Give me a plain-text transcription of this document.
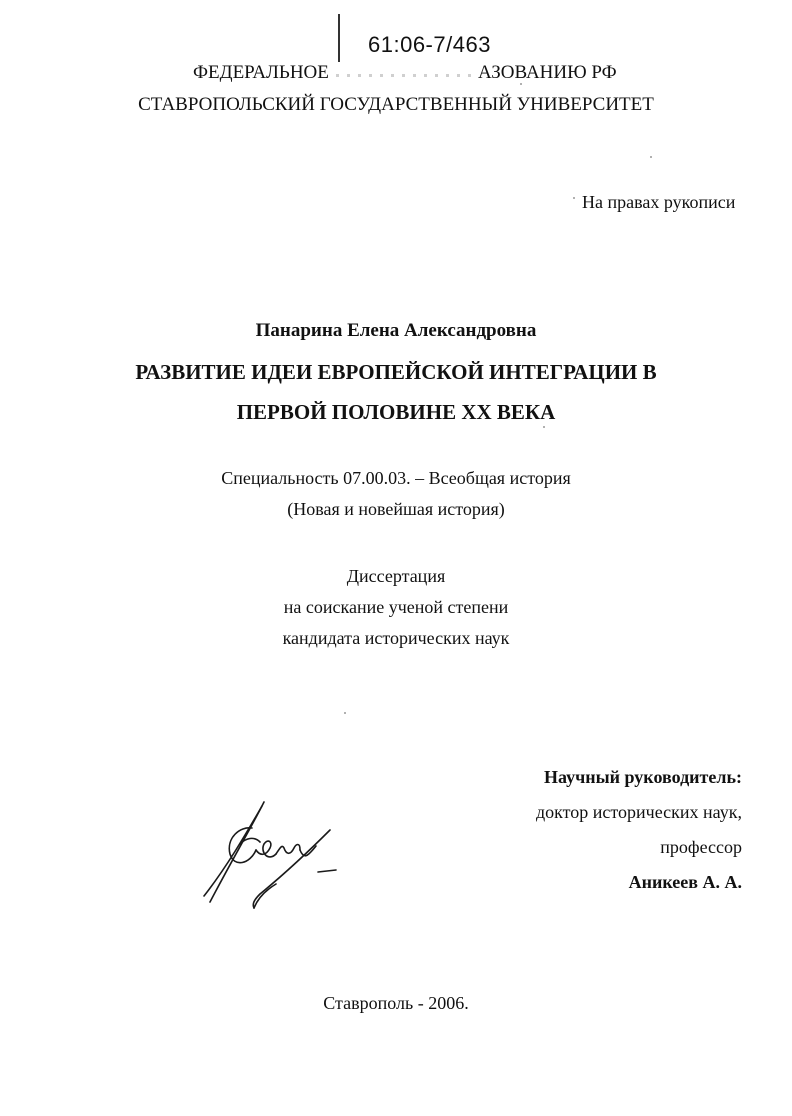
61:06-7/463
ФЕДЕРАЛЬНОЕ	АЗОВАНИЮ РФ
СТАВРОПОЛЬСКИЙ ГОСУДАРСТВЕННЫЙ УНИВЕРСИТЕТ
На правах рукописи
Панарина Елена Александровна
РАЗВИТИЕ ИДЕИ ЕВРОПЕЙСКОЙ ИНТЕГРАЦИИ В
ПЕРВОЙ ПОЛОВИНЕ XX ВЕКА
Специальность 07.00.03. – Всеобщая история
(Новая и новейшая история)
Диссертация
на соискание ученой степени
кандидата исторических наук
Научный руководитель:
доктор исторических наук,
профессор
Аникеев А. А.
Ставрополь - 2006.
